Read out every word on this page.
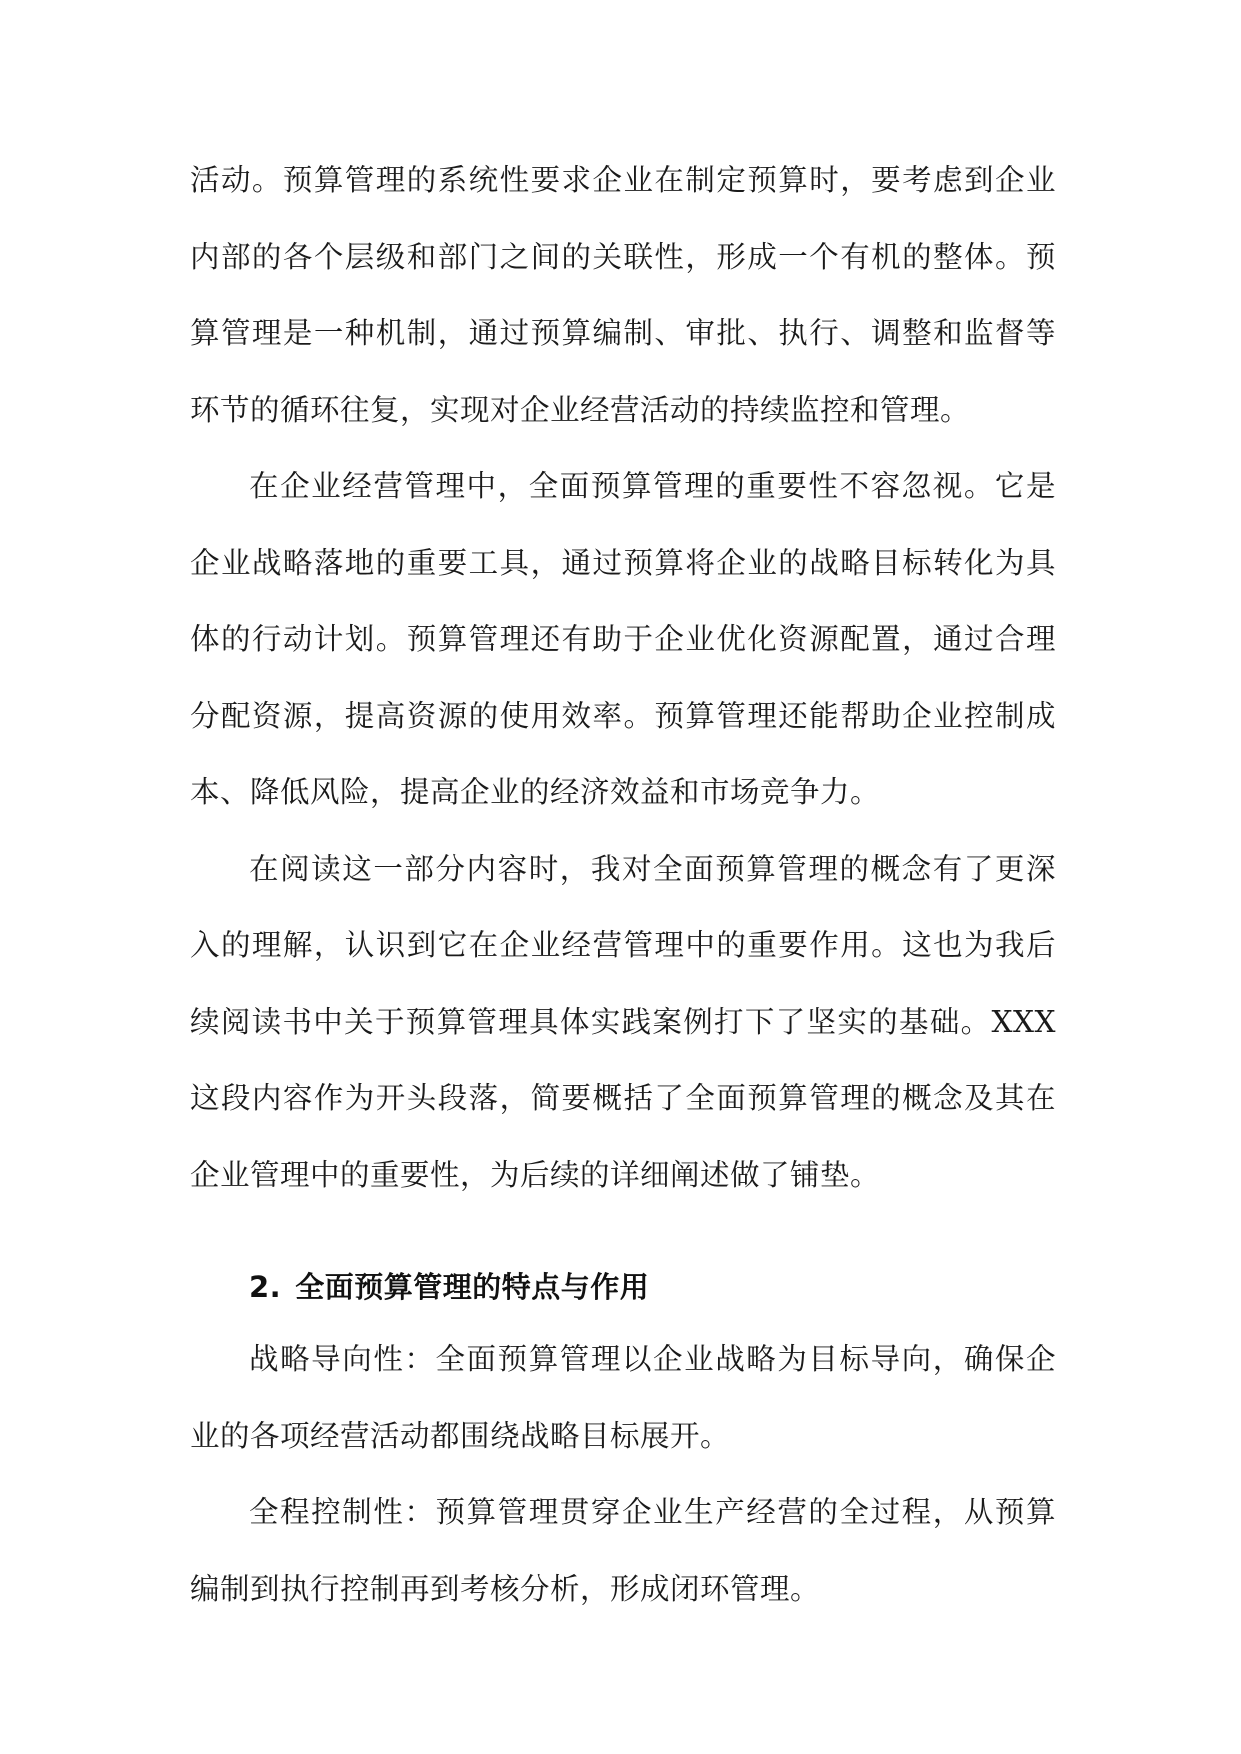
活动。预算管理的系统性要求企业在制定预算时，要考虑到企业内部的各个层级和部门之间的关联性，形成一个有机的整体。预算管理是一种机制，通过预算编制、审批、执行、调整和监督等环节的循环往复，实现对企业经营活动的持续监控和管理。

在企业经营管理中，全面预算管理的重要性不容忽视。它是企业战略落地的重要工具，通过预算将企业的战略目标转化为具体的行动计划。预算管理还有助于企业优化资源配置，通过合理分配资源，提高资源的使用效率。预算管理还能帮助企业控制成本、降低风险，提高企业的经济效益和市场竞争力。

在阅读这一部分内容时，我对全面预算管理的概念有了更深入的理解，认识到它在企业经营管理中的重要作用。这也为我后续阅读书中关于预算管理具体实践案例打下了坚实的基础。XXX这段内容作为开头段落，简要概括了全面预算管理的概念及其在企业管理中的重要性，为后续的详细阐述做了铺垫。

2. 全面预算管理的特点与作用

战略导向性：全面预算管理以企业战略为目标导向，确保企业的各项经营活动都围绕战略目标展开。

全程控制性：预算管理贯穿企业生产经营的全过程，从预算编制到执行控制再到考核分析，形成闭环管理。
